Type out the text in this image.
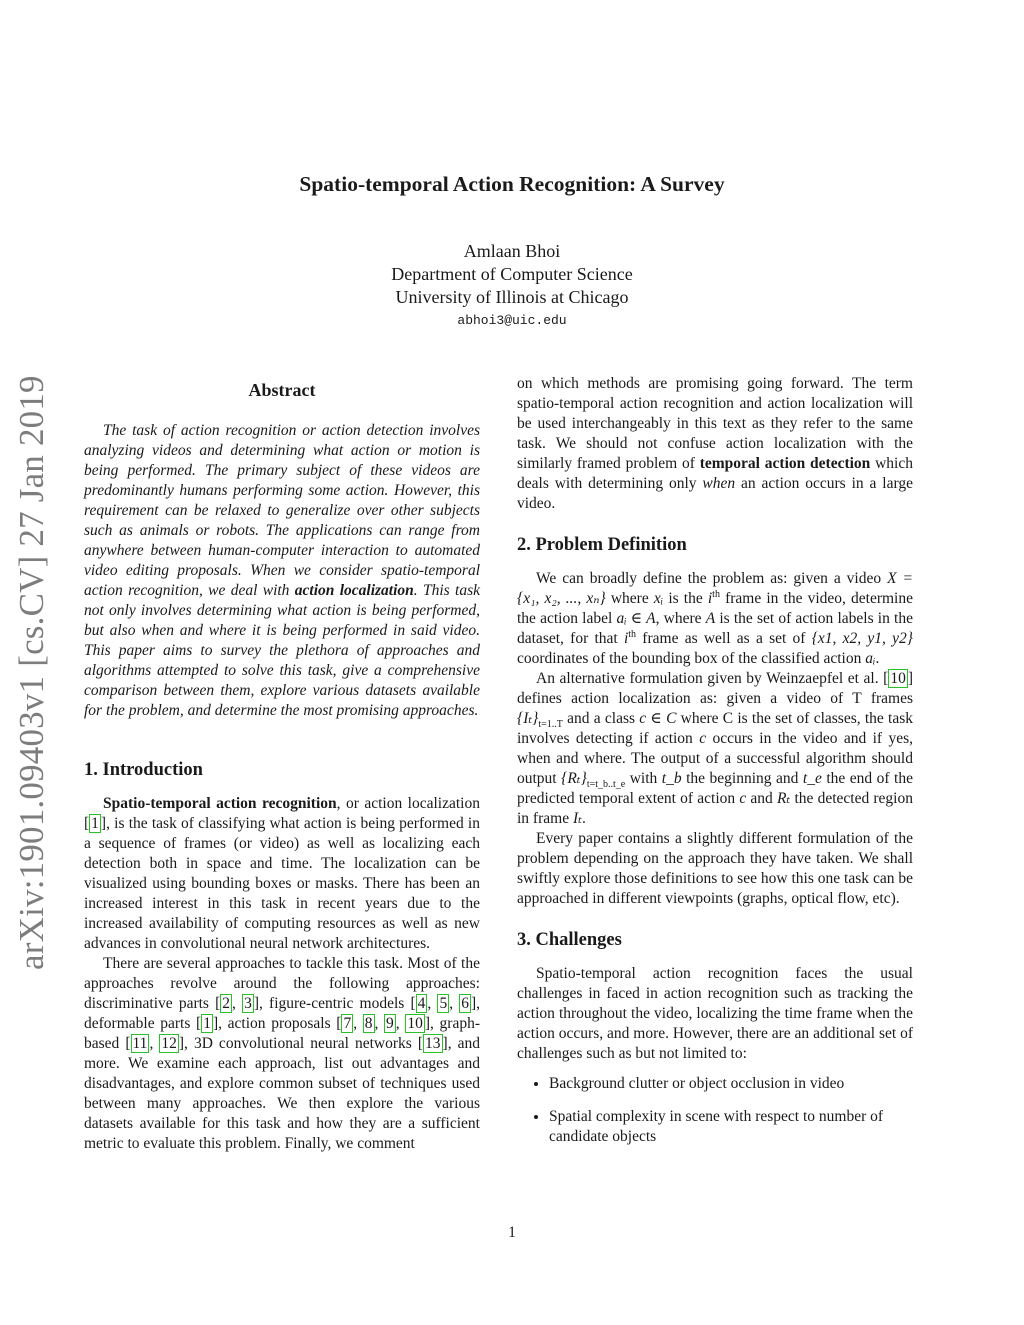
Spatio-temporal Action Recognition: A Survey
Amlaan Bhoi
Department of Computer Science
University of Illinois at Chicago
abhoi3@uic.edu
arXiv:1901.09403v1 [cs.CV] 27 Jan 2019	Abstract

The task of action recognition or action detection involves analyzing videos and determining what action or motion is being performed. The primary subject of these videos are predominantly humans performing some action. However, this requirement can be relaxed to generalize over other subjects such as animals or robots. The applications can range from anywhere between human-computer interaction to automated video editing proposals. When we consider spatio-temporal action recognition, we deal with action localization. This task not only involves determining what action is being performed, but also when and where it is being performed in said video. This paper aims to survey the plethora of approaches and algorithms attempted to solve this task, give a comprehensive comparison between them, explore various datasets available for the problem, and determine the most promising approaches.

1. Introduction

Spatio-temporal action recognition, or action localization [ 1 ], is the task of classifying what action is being performed in a sequence of frames (or video) as well as localizing each detection both in space and time. The localization can be visualized using bounding boxes or masks. There has been an increased interest in this task in recent years due to the increased availability of computing resources as well as new advances in convolutional neural network architectures.

There are several approaches to tackle this task. Most of the approaches revolve around the following approaches: discriminative parts [ 2 , 3 ], figure-centric models [ 4 , 5 , 6 ], deformable parts [ 1 ], action proposals [ 7 , 8 , 9 , 10 ], graph-based [ 11 , 12 ], 3D convolutional neural networks [ 13 ], and more. We examine each approach, list out advantages and disadvantages, and explore common subset of techniques used between many approaches. We then explore the various datasets available for this task and how they are a sufficient metric to evaluate this problem. Finally, we comment

on which methods are promising going forward. The term spatio-temporal action recognition and action localization will be used interchangeably in this text as they refer to the same task. We should not confuse action localization with the similarly framed problem of temporal action detection which deals with determining only when an action occurs in a large video.

2. Problem Definition

We can broadly define the problem as: given a video X = {x₁, x₂, ..., xₙ} where xᵢ is the $i^{th}$ frame in the video, determine the action label aᵢ ∈ A, where A is the set of action labels in the dataset, for that $i^{th}$ frame as well as a set of {x1, x2, y1, y2} coordinates of the bounding box of the classified action aᵢ.

An alternative formulation given by Weinzaepfel et al. [ 10 ] defines action localization as: given a video of T frames $\{I_t\}_{t=1..T}$ and a class c ∈ C where C is the set of classes, the task involves detecting if action c occurs in the video and if yes, when and where. The output of a successful algorithm should output $\{R_t\}_{t=t\_b..t\_e}$ with t_b the beginning and t_e the end of the predicted temporal extent of action c and Rₜ the detected region in frame Iₜ.

Every paper contains a slightly different formulation of the problem depending on the approach they have taken. We shall swiftly explore those definitions to see how this one task can be approached in different viewpoints (graphs, optical flow, etc).

3. Challenges

Spatio-temporal action recognition faces the usual challenges in faced in action recognition such as tracking the action throughout the video, localizing the time frame when the action occurs, and more. However, there are an additional set of challenges such as but not limited to:

• Background clutter or object occlusion in video
• Spatial complexity in scene with respect to number of candidate objects
1
